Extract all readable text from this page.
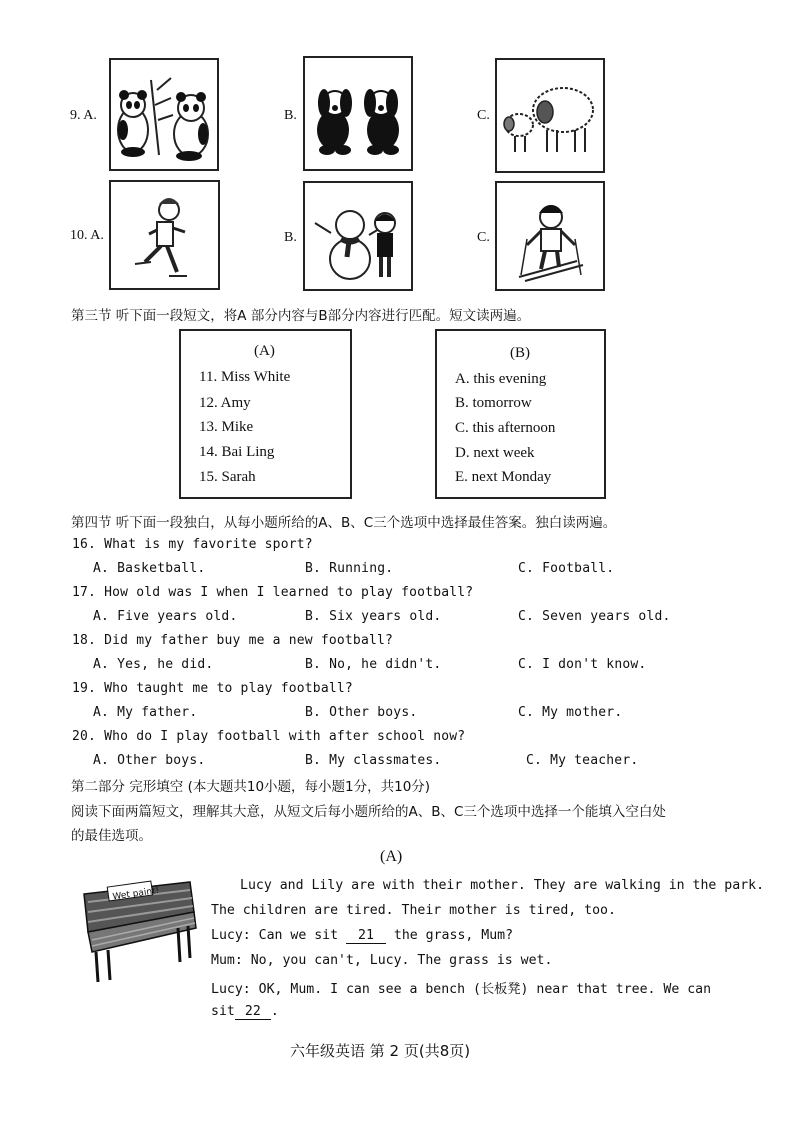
9. A.	B.	C.
10. A.	B.	C.
第三节 听下面一段短文，将A 部分内容与B部分内容进行匹配。短文读两遍。
(A)
11. Miss White
12. Amy
13. Mike
14. Bai Ling
15. Sarah
(B)
A. this evening
B. tomorrow
C. this afternoon
D. next week
E. next Monday
第四节 听下面一段独白，从每小题所给的A、B、C三个选项中选择最佳答案。独白读两遍。
16. What is my favorite sport?
A. Basketball.	B. Running.	C. Football.
17. How old was I when I learned to play football?
A. Five years old.	B. Six years old.	C. Seven years old.
18. Did my father buy me a new football?
A. Yes, he did.	B. No, he didn't.	C. I don't know.
19. Who taught me to play football?
A. My father.	B. Other boys.	C. My mother.
20. Who do I play football with after school now?
A. Other boys.	B. My classmates.	C. My teacher.
第二部分 完形填空 (本大题共10小题，每小题1分，共10分)
阅读下面两篇短文，理解其大意，从短文后每小题所给的A、B、C三个选项中选择一个能填入空白处
的最佳选项。
(A)
Wet paint!
Lucy and Lily are with their mother. They are walking in the park.
The children are tired. Their mother is tired, too.
Lucy: Can we sit 21 the grass, Mum?
Mum: No, you can't, Lucy. The grass is wet.
Lucy: OK, Mum. I can see a bench (长板凳) near that tree. We can
sit 22 .
六年级英语 第 2 页(共8页)
